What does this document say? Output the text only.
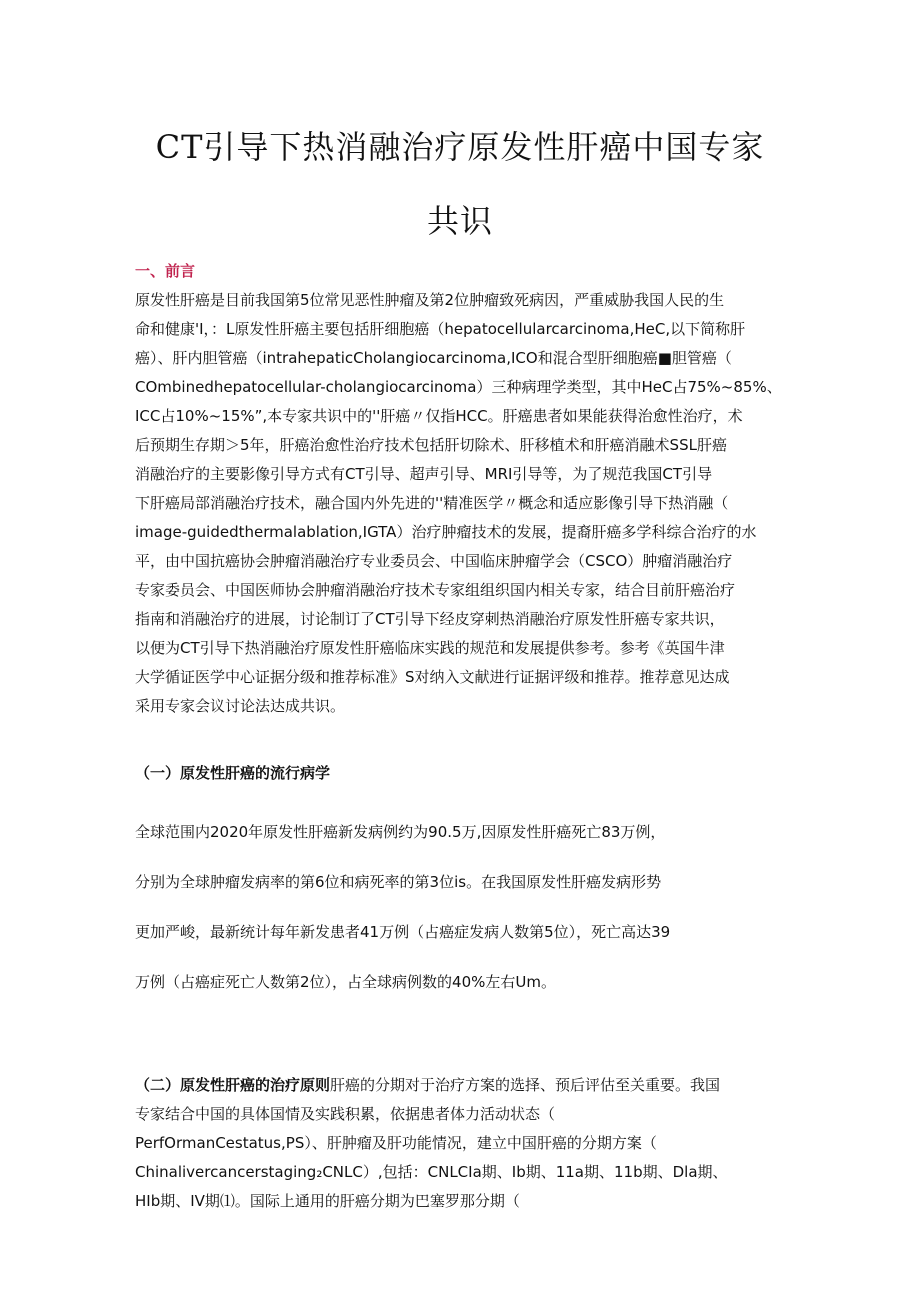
CT引导下热消融治疗原发性肝癌中国专家
共识
一、前言

原发性肝癌是目前我国第5位常见恶性肿瘤及第2位肿瘤致死病因，严重威胁我国人民的生

命和健康'I，：L原发性肝癌主要包括肝细胞癌（hepatocellularcarcinoma,HeC,以下简称肝

癌）、肝内胆管癌（intrahepaticCholangiocarcinoma,ICO和混合型肝细胞癌■胆管癌（

COmbinedhepatocellular-cholangiocarcinoma）三种病理学类型，其中HeC占75%~85%、

ICC占10%~15%”,本专家共识中的''肝癌〃仅指HCC。肝癌患者如果能获得治愈性治疗，术

后预期生存期＞5年，肝癌治愈性治疗技术包括肝切除术、肝移植术和肝癌消融术SSL肝癌

消融治疗的主要影像引导方式有CT引导、超声引导、MRI引导等，为了规范我国CT引导

下肝癌局部消融治疗技术，融合国内外先进的''精准医学〃概念和适应影像引导下热消融（

image-guidedthermalablation,IGTA）治疗肿瘤技术的发展，提裔肝癌多学科综合治疗的水

平，由中国抗癌协会肿瘤消融治疗专业委员会、中国临床肿瘤学会（CSCO）肿瘤消融治疗

专家委员会、中国医师协会肿瘤消融治疗技术专家组组织国内相关专家，结合目前肝癌治疗

指南和消融治疗的进展，讨论制订了CT引导下经皮穿刺热消融治疗原发性肝癌专家共识，

以便为CT引导下热消融治疗原发性肝癌临床实践的规范和发展提供参考。参考《英国牛津

大学循证医学中心证据分级和推荐标准》S对纳入文献进行证据评级和推荐。推荐意见达成

采用专家会议讨论法达成共识。

（一）原发性肝癌的流行病学

全球范围内2020年原发性肝癌新发病例约为90.5万,因原发性肝癌死亡83万例，

分别为全球肿瘤发病率的第6位和病死率的第3位is。在我国原发性肝癌发病形势

更加严峻，最新统计每年新发患者41万例（占癌症发病人数第5位），死亡高达39

万例（占癌症死亡人数第2位），占全球病例数的40%左右Um。

（二）原发性肝癌的治疗原则肝癌的分期对于治疗方案的选择、预后评估至关重要。我国

专家结合中国的具体国情及实践积累，依据患者体力活动状态（

PerfOrmanCestatus,PS）、肝肿瘤及肝功能情况，建立中国肝癌的分期方案（

Chinalivercancerstaging₂CNLC）,包括：CNLCIa期、Ib期、11a期、11b期、Dla期、

HIb期、IV期⑴。国际上通用的肝癌分期为巴塞罗那分期（
